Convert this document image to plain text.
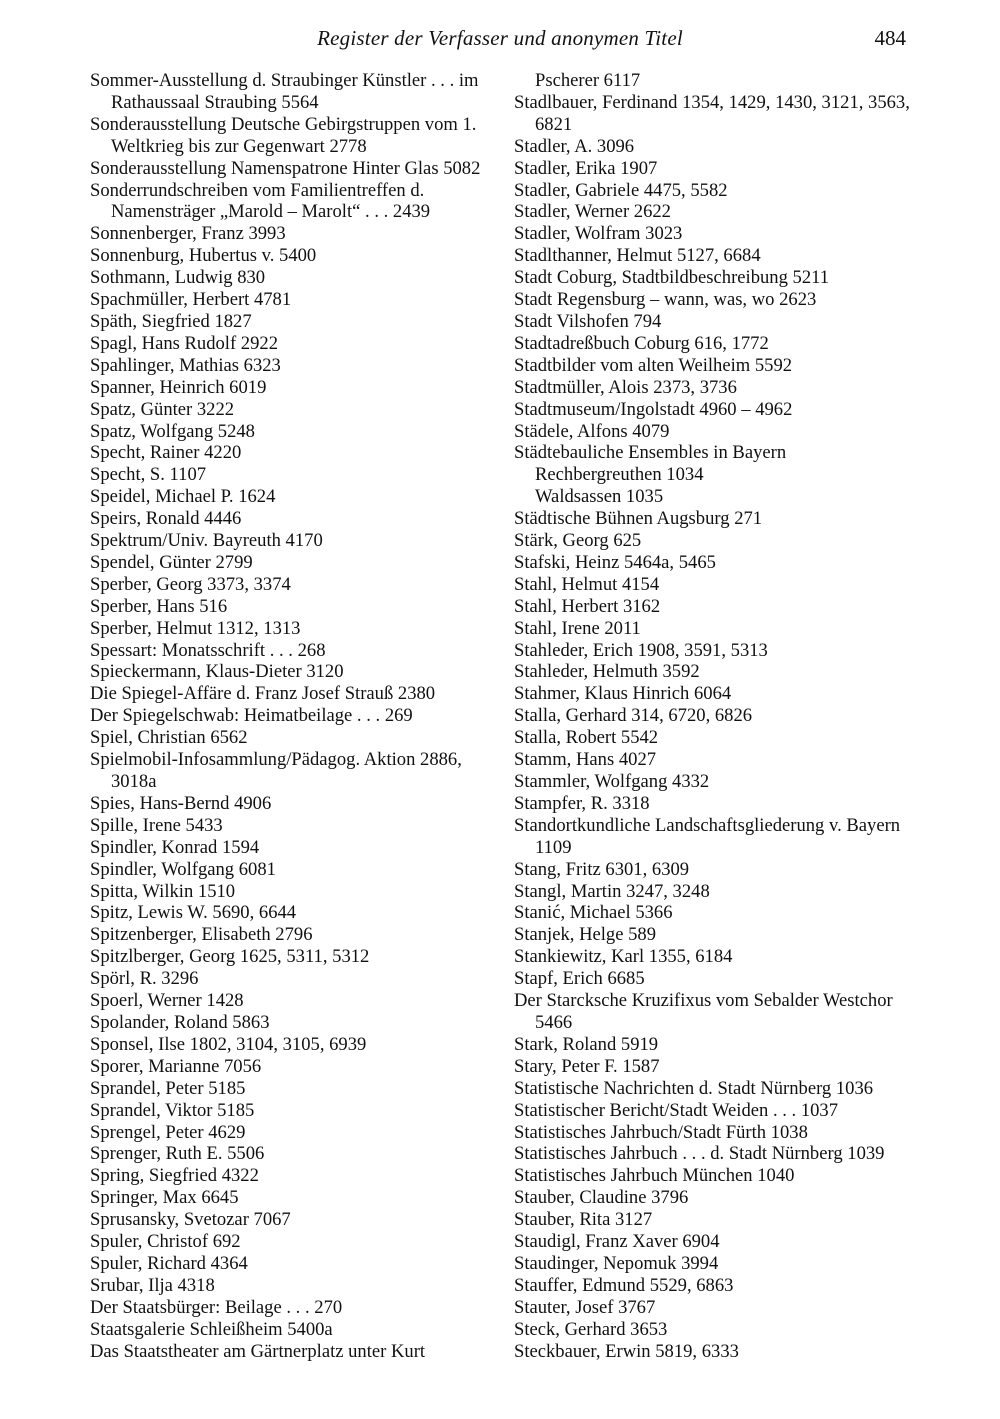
Register der Verfasser und anonymen Titel	484
Sommer-Ausstellung d. Straubinger Künstler . . . im Rathaussaal Straubing 5564
Sonderausstellung Deutsche Gebirgstruppen vom 1. Weltkrieg bis zur Gegenwart 2778
Sonderausstellung Namenspatrone Hinter Glas 5082
Sonderrundschreiben vom Familientreffen d. Namensträger „Marold – Marolt“ . . . 2439
Sonnenberger, Franz 3993
Sonnenburg, Hubertus v. 5400
Sothmann, Ludwig 830
Spachmüller, Herbert 4781
Späth, Siegfried 1827
Spagl, Hans Rudolf 2922
Spahlinger, Mathias 6323
Spanner, Heinrich 6019
Spatz, Günter 3222
Spatz, Wolfgang 5248
Specht, Rainer 4220
Specht, S. 1107
Speidel, Michael P. 1624
Speirs, Ronald 4446
Spektrum/Univ. Bayreuth 4170
Spendel, Günter 2799
Sperber, Georg 3373, 3374
Sperber, Hans 516
Sperber, Helmut 1312, 1313
Spessart: Monatsschrift . . . 268
Spieckermann, Klaus-Dieter 3120
Die Spiegel-Affäre d. Franz Josef Strauß 2380
Der Spiegelschwab: Heimatbeilage . . . 269
Spiel, Christian 6562
Spielmobil-Infosammlung/Pädagog. Aktion 2886, 3018a
Spies, Hans-Bernd 4906
Spille, Irene 5433
Spindler, Konrad 1594
Spindler, Wolfgang 6081
Spitta, Wilkin 1510
Spitz, Lewis W. 5690, 6644
Spitzenberger, Elisabeth 2796
Spitzlberger, Georg 1625, 5311, 5312
Spörl, R. 3296
Spoerl, Werner 1428
Spolander, Roland 5863
Sponsel, Ilse 1802, 3104, 3105, 6939
Sporer, Marianne 7056
Sprandel, Peter 5185
Sprandel, Viktor 5185
Sprengel, Peter 4629
Sprenger, Ruth E. 5506
Spring, Siegfried 4322
Springer, Max 6645
Sprusansky, Svetozar 7067
Spuler, Christof 692
Spuler, Richard 4364
Srubar, Ilja 4318
Der Staatsbürger: Beilage . . . 270
Staatsgalerie Schleißheim 5400a
Das Staatstheater am Gärtnerplatz unter Kurt
Pscherer 6117
Stadlbauer, Ferdinand 1354, 1429, 1430, 3121, 3563, 6821
Stadler, A. 3096
Stadler, Erika 1907
Stadler, Gabriele 4475, 5582
Stadler, Werner 2622
Stadler, Wolfram 3023
Stadlthanner, Helmut 5127, 6684
Stadt Coburg, Stadtbildbeschreibung 5211
Stadt Regensburg – wann, was, wo 2623
Stadt Vilshofen 794
Stadtadreßbuch Coburg 616, 1772
Stadtbilder vom alten Weilheim 5592
Stadtmüller, Alois 2373, 3736
Stadtmuseum/Ingolstadt 4960 – 4962
Städele, Alfons 4079
Städtebauliche Ensembles in Bayern
Rechbergreuthen 1034
Waldsassen 1035
Städtische Bühnen Augsburg 271
Stärk, Georg 625
Stafski, Heinz 5464a, 5465
Stahl, Helmut 4154
Stahl, Herbert 3162
Stahl, Irene 2011
Stahleder, Erich 1908, 3591, 5313
Stahleder, Helmuth 3592
Stahmer, Klaus Hinrich 6064
Stalla, Gerhard 314, 6720, 6826
Stalla, Robert 5542
Stamm, Hans 4027
Stammler, Wolfgang 4332
Stampfer, R. 3318
Standortkundliche Landschaftsgliederung v. Bayern 1109
Stang, Fritz 6301, 6309
Stangl, Martin 3247, 3248
Stanić, Michael 5366
Stanjek, Helge 589
Stankiewitz, Karl 1355, 6184
Stapf, Erich 6685
Der Starcksche Kruzifixus vom Sebalder Westchor 5466
Stark, Roland 5919
Stary, Peter F. 1587
Statistische Nachrichten d. Stadt Nürnberg 1036
Statistischer Bericht/Stadt Weiden . . . 1037
Statistisches Jahrbuch/Stadt Fürth 1038
Statistisches Jahrbuch . . . d. Stadt Nürnberg 1039
Statistisches Jahrbuch München 1040
Stauber, Claudine 3796
Stauber, Rita 3127
Staudigl, Franz Xaver 6904
Staudinger, Nepomuk 3994
Stauffer, Edmund 5529, 6863
Stauter, Josef 3767
Steck, Gerhard 3653
Steckbauer, Erwin 5819, 6333
